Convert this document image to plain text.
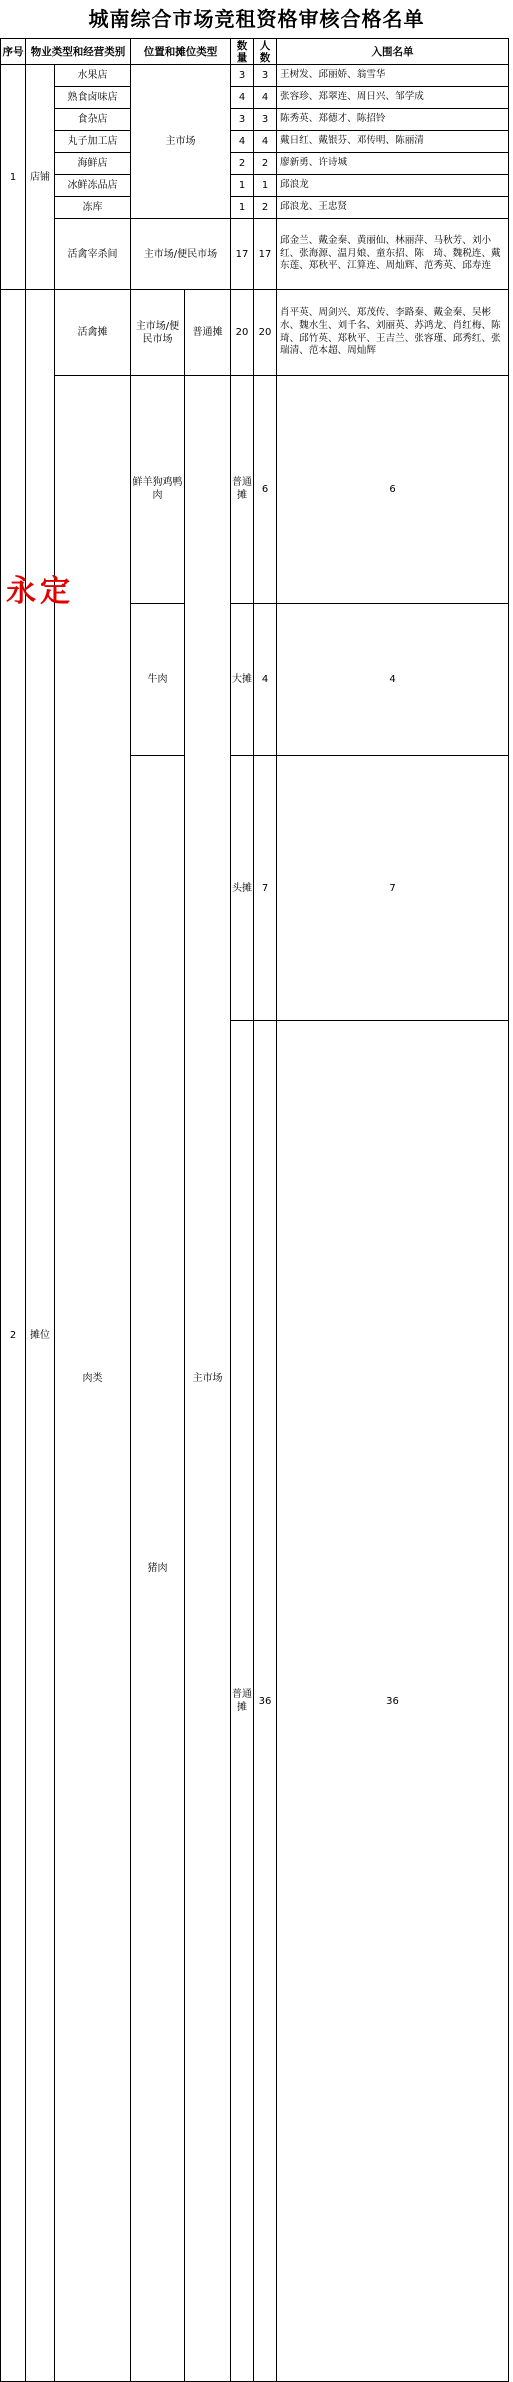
城南综合市场竞租资格审核合格名单
序号	物业类型和经营类别		位置和摊位类型		数量	人数	入围名单	
1	店铺	水果店	主市场		3	3	王树发、邱丽娇、翁雪华	
		熟食卤味店			4	4	张容珍、郑翠连、周日兴、邹学成	
		食杂店			3	3	陈秀英、郑德才、陈招铃	
		丸子加工店			4	4	戴日红、戴银芬、邓传明、陈丽清	
		海鲜店			2	2	廖新勇、许诗城	
		冰鲜冻品店			1	1	邱浪龙	
		冻库			1	2	邱浪龙、王忠贤	
		活禽宰杀间	主市场/便民市场		17	17	邱金兰、戴金秦、黄丽仙、林丽萍、马秋芳、刘小红、张海源、温月娘、童东招、陈　琦、魏税连、戴东莲、郑秋平、江算连、周灿辉、范秀英、邱寿连	
2	摊位	活禽摊	主市场/便民市场	普通摊	20	20	肖平英、周剑兴、郑茂传、李路秦、戴金秦、吴彬水、魏水生、刘千名、刘丽英、苏鸿龙、肖红梅、陈　琦、邱竹英、郑秋平、王吉兰、张容瑾、邱秀红、张瑞清、范本超、周灿辉	
		肉类	鲜羊狗鸡鸭肉	主市场	普通摊	6	6	
			牛肉		大摊	4	4	
			猪肉		头摊	7	7	
					普通摊	36	36	
永定
